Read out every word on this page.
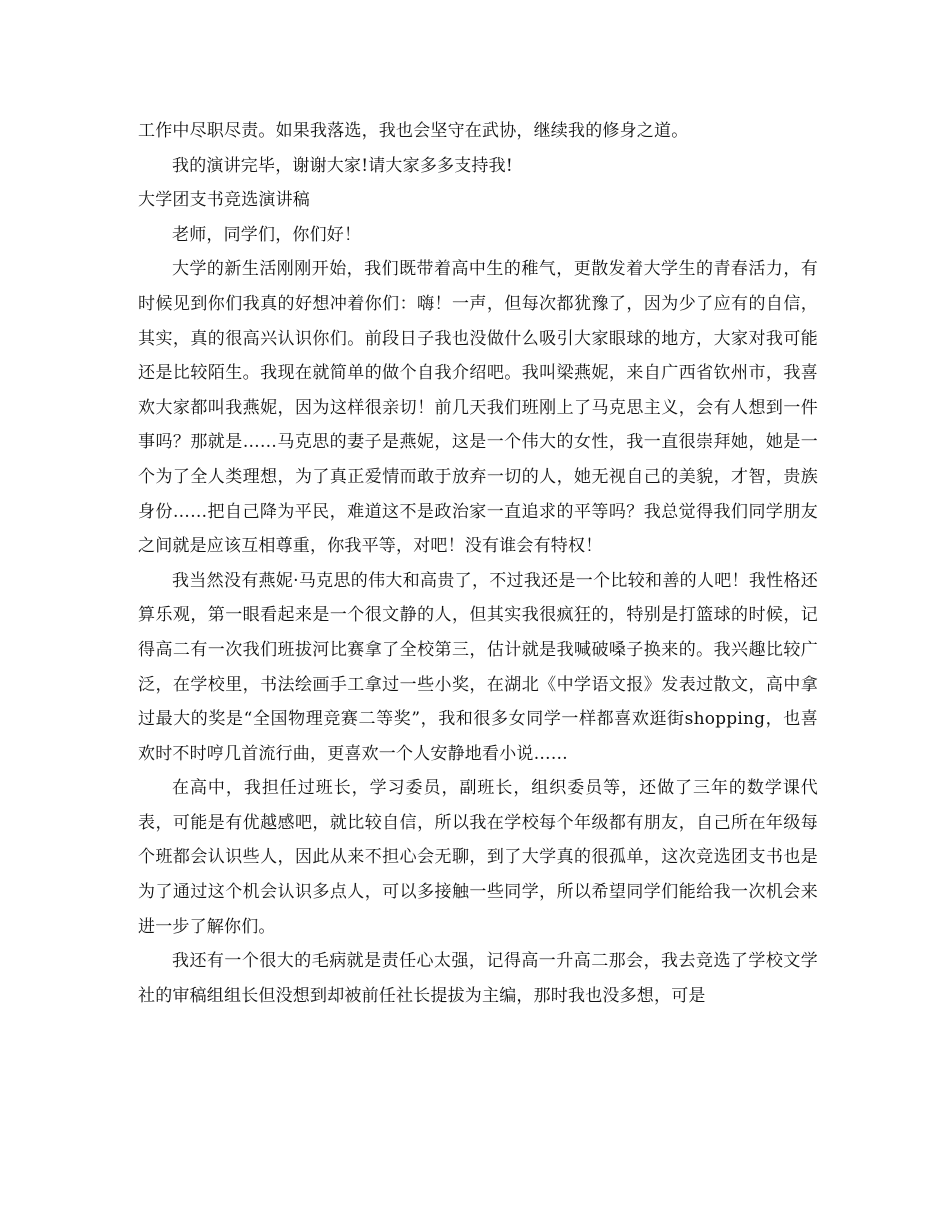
工作中尽职尽责。如果我落选，我也会坚守在武协，继续我的修身之道。

我的演讲完毕，谢谢大家!请大家多多支持我!

大学团支书竞选演讲稿

老师，同学们，你们好！

大学的新生活刚刚开始，我们既带着高中生的稚气，更散发着大学生的青春活力，有时候见到你们我真的好想冲着你们：嗨！一声，但每次都犹豫了，因为少了应有的自信，其实，真的很高兴认识你们。前段日子我也没做什么吸引大家眼球的地方，大家对我可能还是比较陌生。我现在就简单的做个自我介绍吧。我叫梁燕妮，来自广西省钦州市，我喜欢大家都叫我燕妮，因为这样很亲切！前几天我们班刚上了马克思主义，会有人想到一件事吗？那就是……马克思的妻子是燕妮，这是一个伟大的女性，我一直很崇拜她，她是一个为了全人类理想，为了真正爱情而敢于放弃一切的人，她无视自己的美貌，才智，贵族身份……把自己降为平民，难道这不是政治家一直追求的平等吗？我总觉得我们同学朋友之间就是应该互相尊重，你我平等，对吧！没有谁会有特权！

我当然没有燕妮·马克思的伟大和高贵了，不过我还是一个比较和善的人吧！我性格还算乐观，第一眼看起来是一个很文静的人，但其实我很疯狂的，特别是打篮球的时候，记得高二有一次我们班拔河比赛拿了全校第三，估计就是我喊破嗓子换来的。我兴趣比较广泛，在学校里，书法绘画手工拿过一些小奖，在湖北《中学语文报》发表过散文，高中拿过最大的奖是“全国物理竞赛二等奖”，我和很多女同学一样都喜欢逛街shopping，也喜欢时不时哼几首流行曲，更喜欢一个人安静地看小说……

在高中，我担任过班长，学习委员，副班长，组织委员等，还做了三年的数学课代表，可能是有优越感吧，就比较自信，所以我在学校每个年级都有朋友，自己所在年级每个班都会认识些人，因此从来不担心会无聊，到了大学真的很孤单，这次竞选团支书也是为了通过这个机会认识多点人，可以多接触一些同学，所以希望同学们能给我一次机会来进一步了解你们。

我还有一个很大的毛病就是责任心太强，记得高一升高二那会，我去竞选了学校文学社的审稿组组长但没想到却被前任社长提拔为主编，那时我也没多想，可是
